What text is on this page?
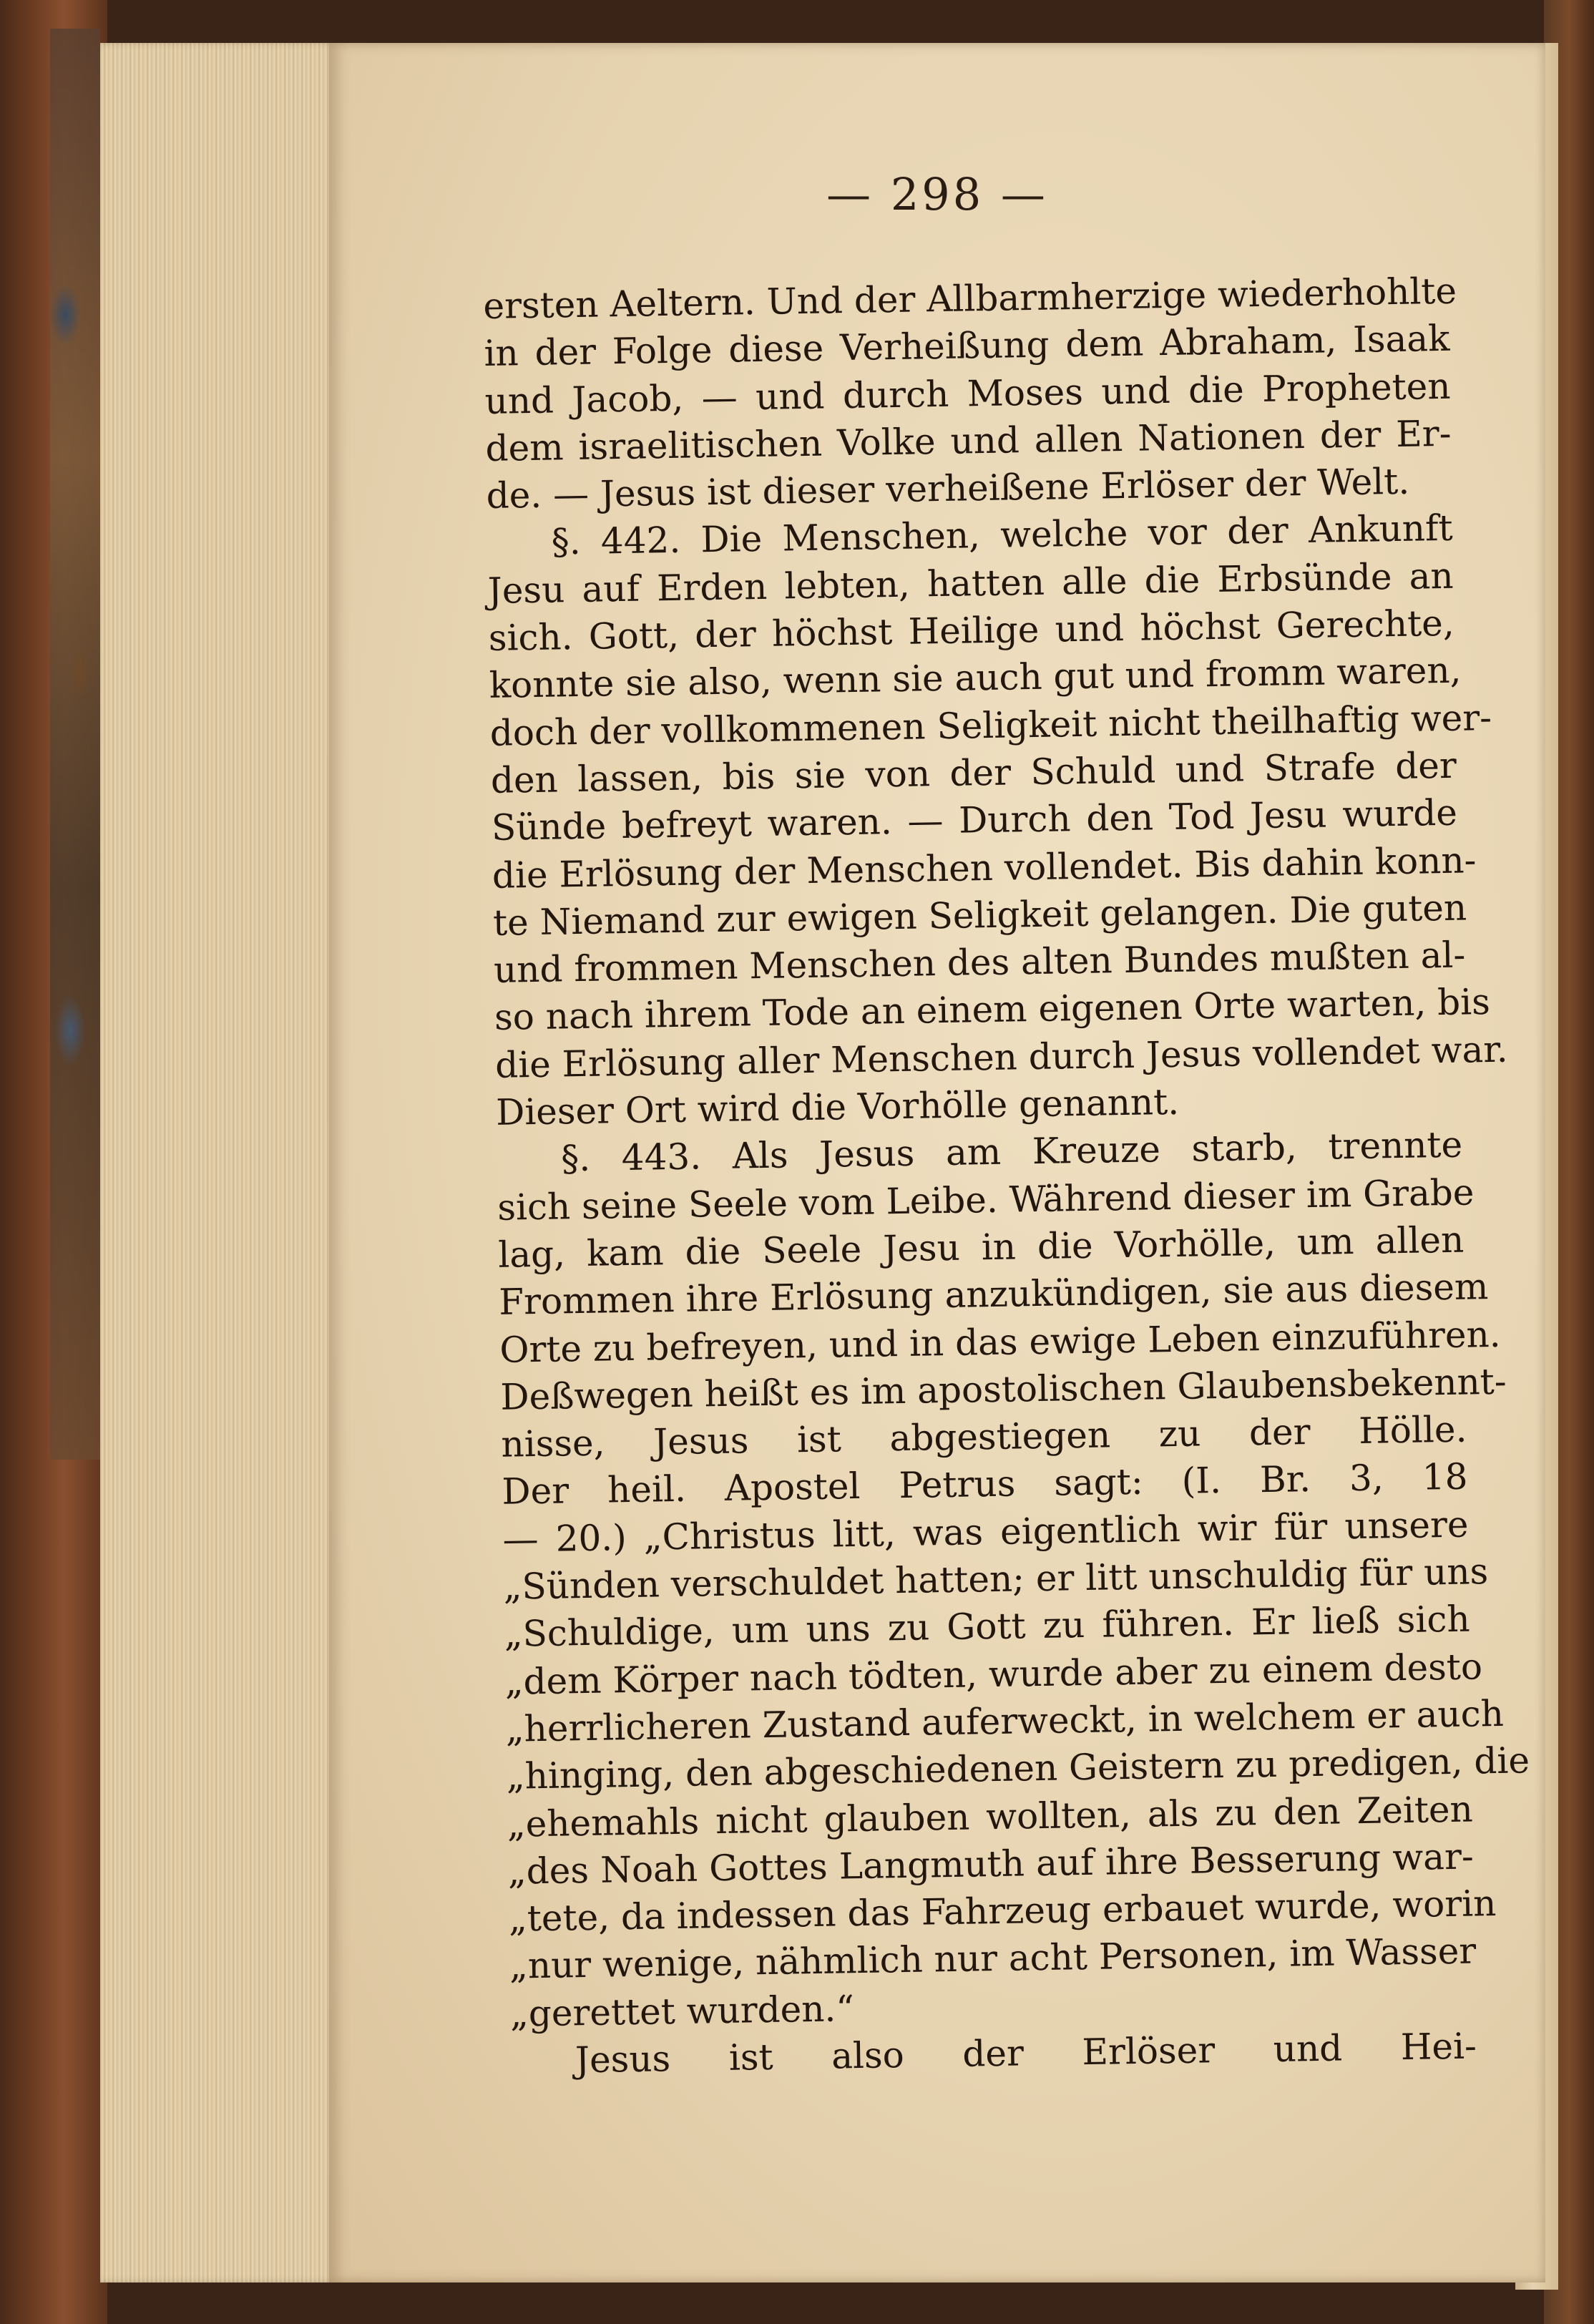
— 298 —
ersten Aeltern. Und der Allbarmherzige wiederhohlte
in der Folge diese Verheißung dem Abraham, Isaak
und Jacob, — und durch Moses und die Propheten
dem israelitischen Volke und allen Nationen der Er-
de. — Jesus ist dieser verheißene Erlöser der Welt.
§. 442. Die Menschen, welche vor der Ankunft
Jesu auf Erden lebten, hatten alle die Erbsünde an
sich. Gott, der höchst Heilige und höchst Gerechte,
konnte sie also, wenn sie auch gut und fromm waren,
doch der vollkommenen Seligkeit nicht theilhaftig wer-
den lassen, bis sie von der Schuld und Strafe der
Sünde befreyt waren. — Durch den Tod Jesu wurde
die Erlösung der Menschen vollendet. Bis dahin konn-
te Niemand zur ewigen Seligkeit gelangen. Die guten
und frommen Menschen des alten Bundes mußten al-
so nach ihrem Tode an einem eigenen Orte warten, bis
die Erlösung aller Menschen durch Jesus vollendet war.
Dieser Ort wird die Vorhölle genannt.
§. 443. Als Jesus am Kreuze starb, trennte
sich seine Seele vom Leibe. Während dieser im Grabe
lag, kam die Seele Jesu in die Vorhölle, um allen
Frommen ihre Erlösung anzukündigen, sie aus diesem
Orte zu befreyen, und in das ewige Leben einzuführen.
Deßwegen heißt es im apostolischen Glaubensbekennt-
nisse, Jesus ist abgestiegen zu der Hölle.
Der heil. Apostel Petrus sagt: (I. Br. 3, 18
— 20.) „Christus litt, was eigentlich wir für unsere
„Sünden verschuldet hatten; er litt unschuldig für uns
„Schuldige, um uns zu Gott zu führen. Er ließ sich
„dem Körper nach tödten, wurde aber zu einem desto
„herrlicheren Zustand auferweckt, in welchem er auch
„hinging, den abgeschiedenen Geistern zu predigen, die
„ehemahls nicht glauben wollten, als zu den Zeiten
„des Noah Gottes Langmuth auf ihre Besserung war-
„tete, da indessen das Fahrzeug erbauet wurde, worin
„nur wenige, nähmlich nur acht Personen, im Wasser
„gerettet wurden.“
Jesus ist also der Erlöser und Hei-
